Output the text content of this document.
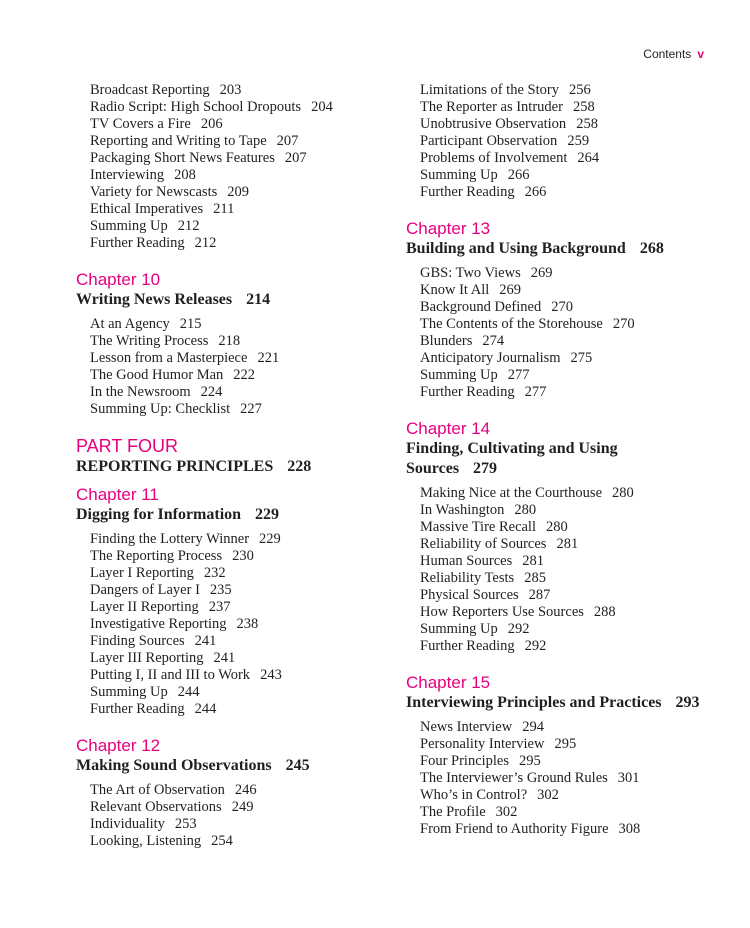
Contents v
Broadcast Reporting 203
Radio Script: High School Dropouts 204
TV Covers a Fire 206
Reporting and Writing to Tape 207
Packaging Short News Features 207
Interviewing 208
Variety for Newscasts 209
Ethical Imperatives 211
Summing Up 212
Further Reading 212
Chapter 10
Writing News Releases 214
At an Agency 215
The Writing Process 218
Lesson from a Masterpiece 221
The Good Humor Man 222
In the Newsroom 224
Summing Up: Checklist 227
PART FOUR
REPORTING PRINCIPLES 228
Chapter 11
Digging for Information 229
Finding the Lottery Winner 229
The Reporting Process 230
Layer I Reporting 232
Dangers of Layer I 235
Layer II Reporting 237
Investigative Reporting 238
Finding Sources 241
Layer III Reporting 241
Putting I, II and III to Work 243
Summing Up 244
Further Reading 244
Chapter 12
Making Sound Observations 245
The Art of Observation 246
Relevant Observations 249
Individuality 253
Looking, Listening 254
Limitations of the Story 256
The Reporter as Intruder 258
Unobtrusive Observation 258
Participant Observation 259
Problems of Involvement 264
Summing Up 266
Further Reading 266
Chapter 13
Building and Using Background 268
GBS: Two Views 269
Know It All 269
Background Defined 270
The Contents of the Storehouse 270
Blunders 274
Anticipatory Journalism 275
Summing Up 277
Further Reading 277
Chapter 14
Finding, Cultivating and Using
Sources 279
Making Nice at the Courthouse 280
In Washington 280
Massive Tire Recall 280
Reliability of Sources 281
Human Sources 281
Reliability Tests 285
Physical Sources 287
How Reporters Use Sources 288
Summing Up 292
Further Reading 292
Chapter 15
Interviewing Principles and Practices 293
News Interview 294
Personality Interview 295
Four Principles 295
The Interviewer’s Ground Rules 301
Who’s in Control? 302
The Profile 302
From Friend to Authority Figure 308
